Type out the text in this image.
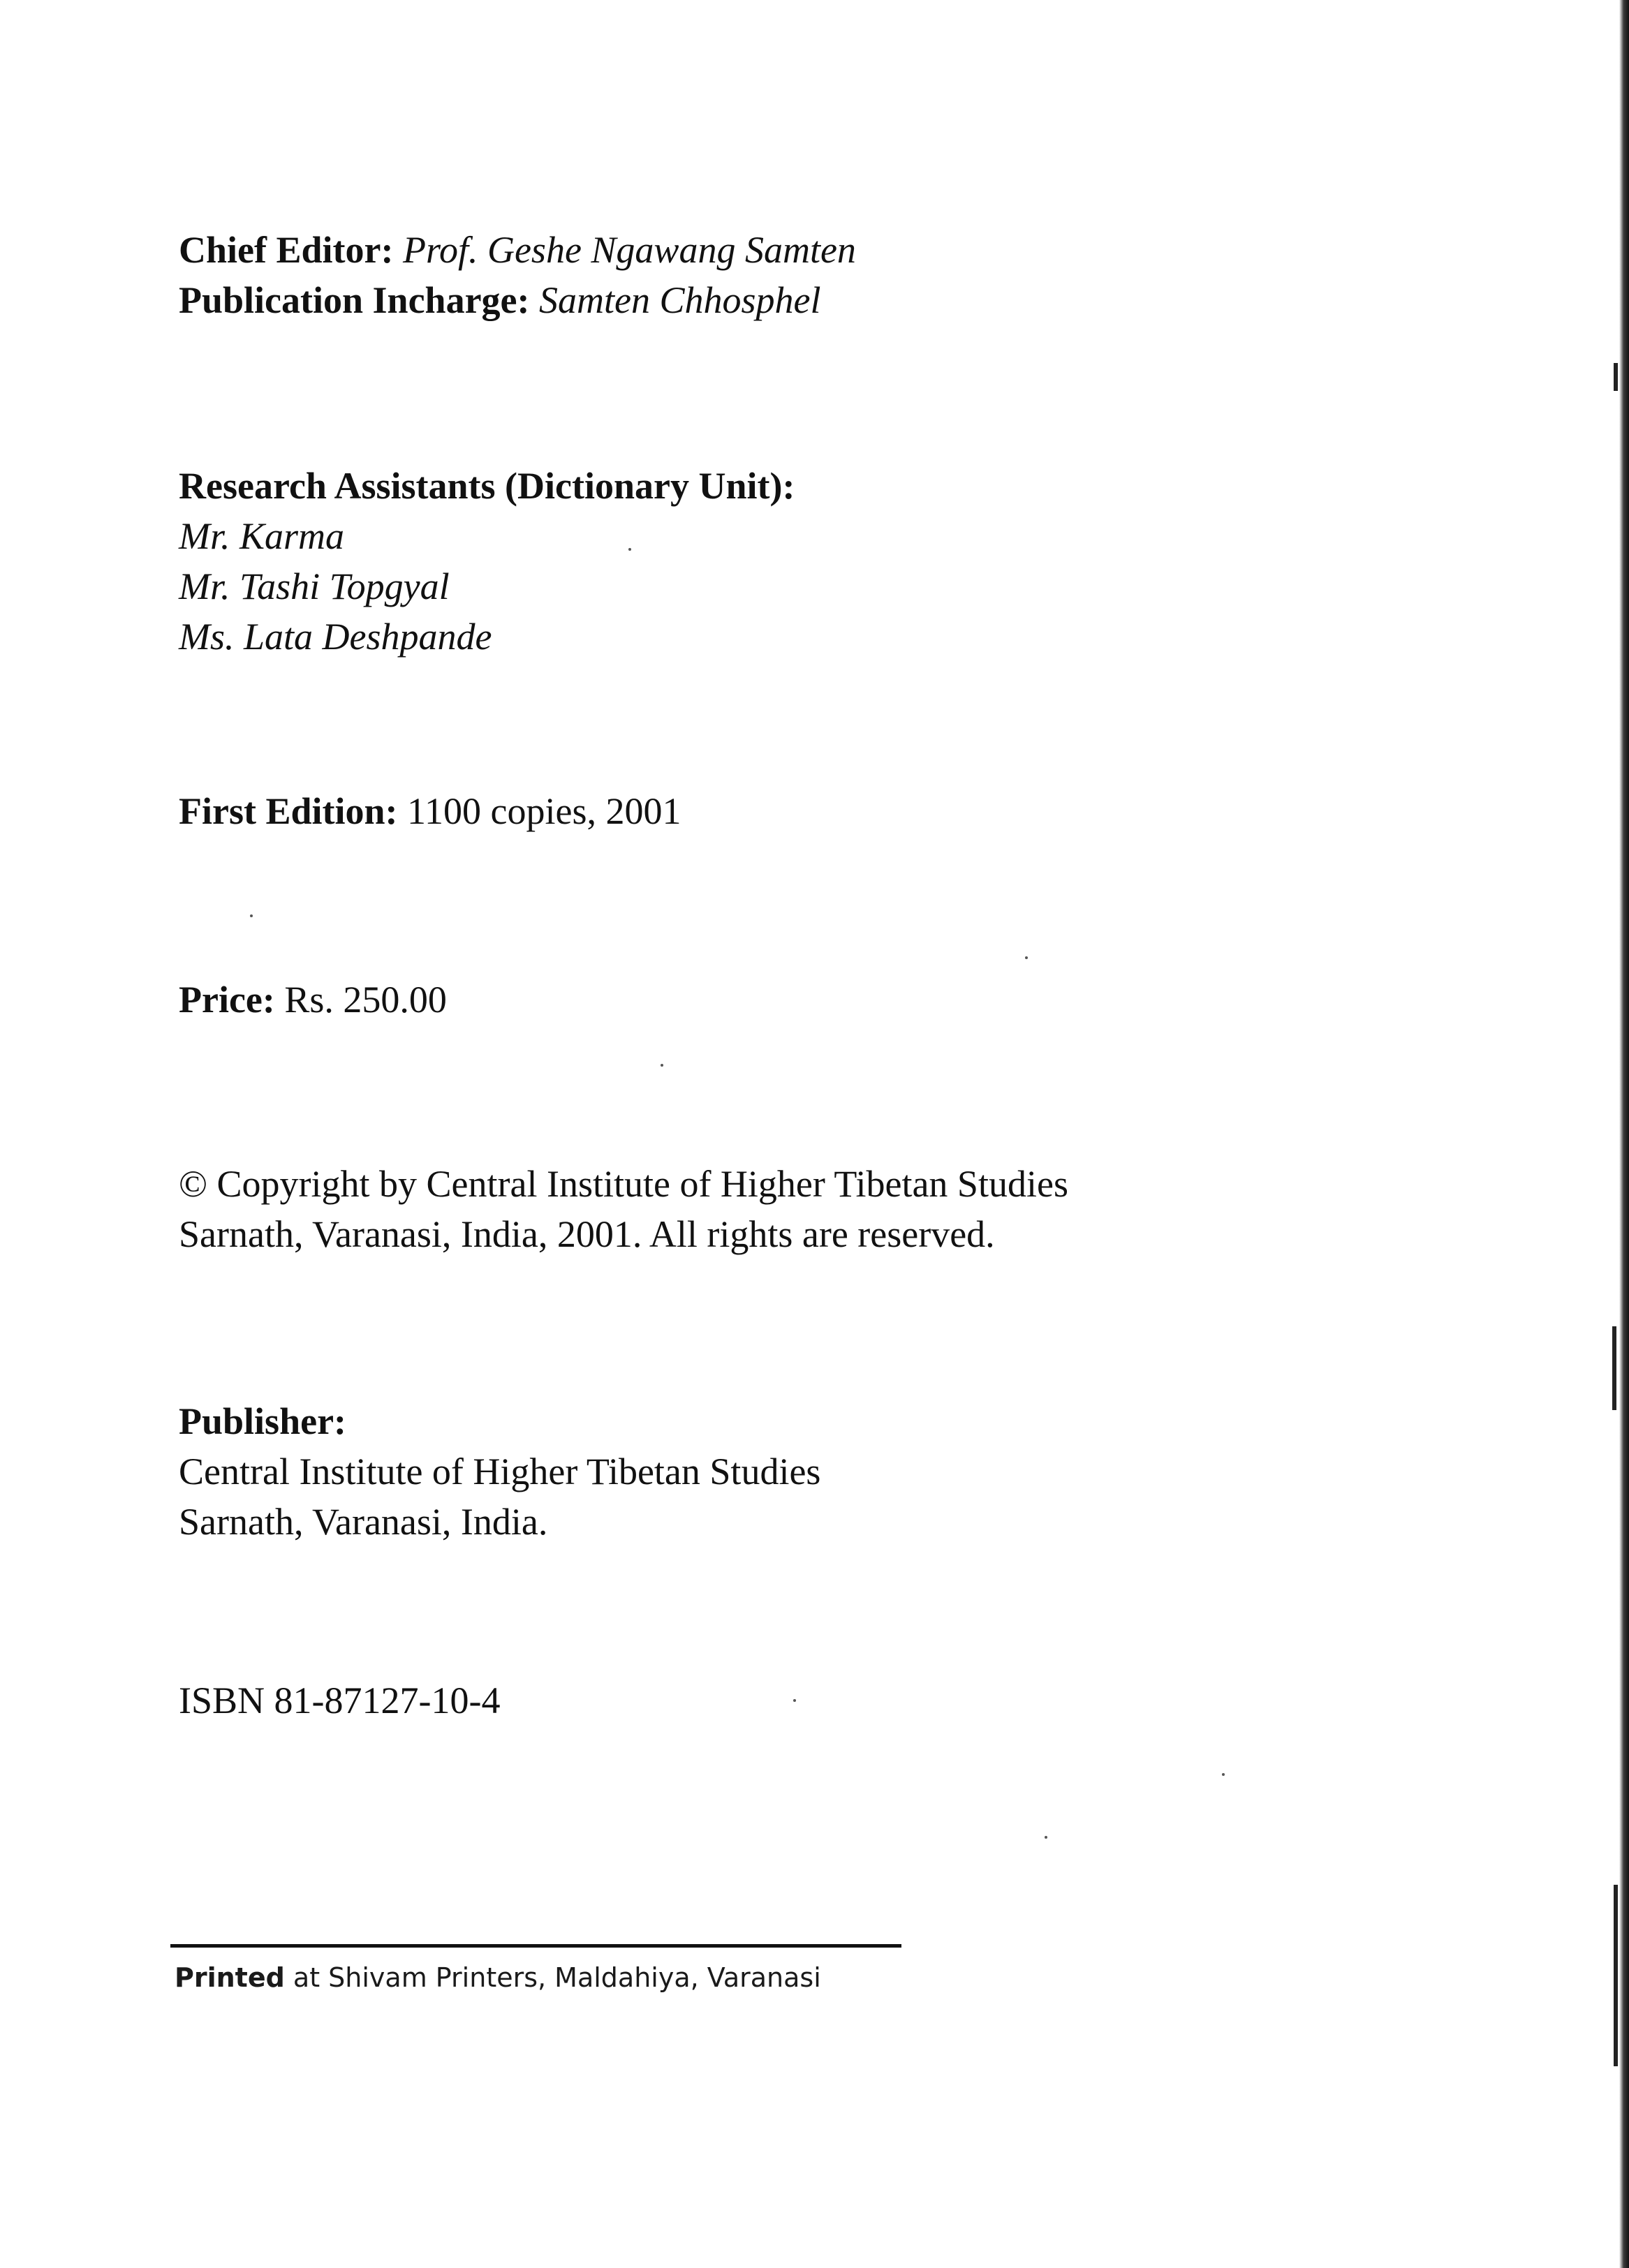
Chief Editor: Prof. Geshe Ngawang Samten
Publication Incharge: Samten Chhosphel
Research Assistants (Dictionary Unit):
Mr. Karma
Mr. Tashi Topgyal
Ms. Lata Deshpande
First Edition: 1100 copies, 2001
Price: Rs. 250.00
© Copyright by Central Institute of Higher Tibetan Studies
Sarnath, Varanasi, India, 2001. All rights are reserved.
Publisher:
Central Institute of Higher Tibetan Studies
Sarnath, Varanasi, India.
ISBN 81-87127-10-4
Printed at Shivam Printers, Maldahiya, Varanasi
